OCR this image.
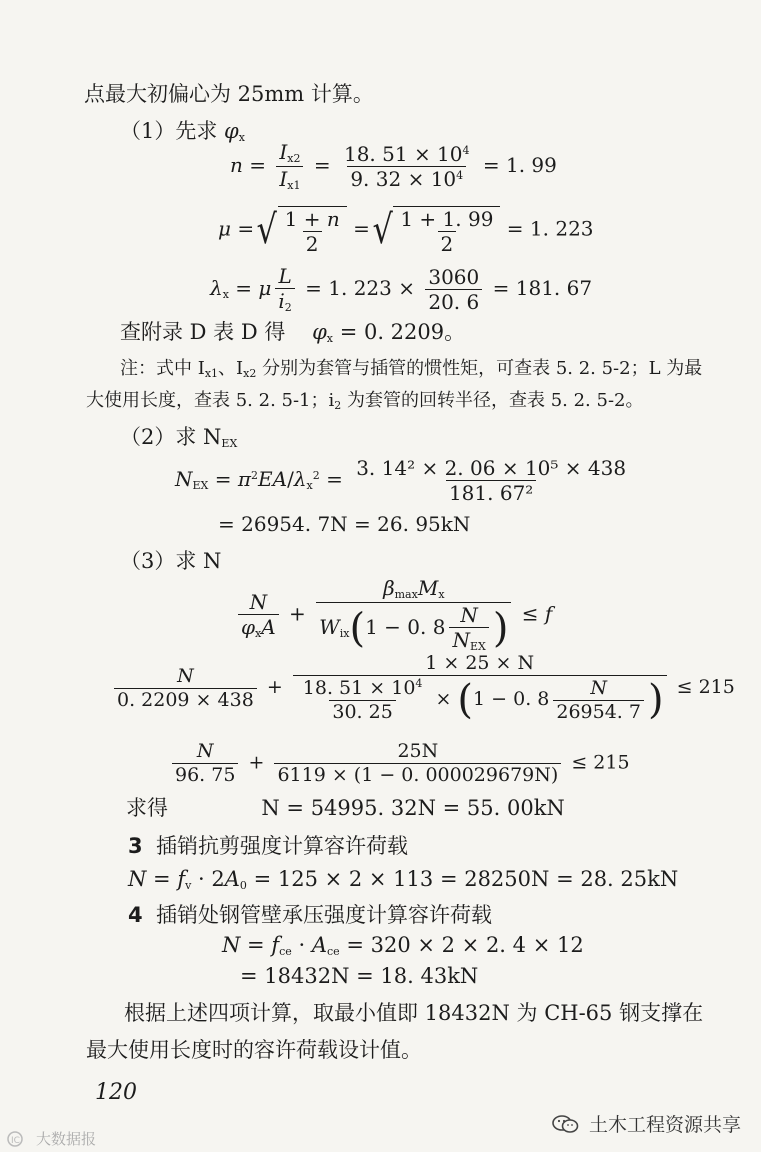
点最大初偏心为 25mm 计算。
（1）先求 $\varphi_x$
$n = \frac{I_{x2}}{I_{x1}} = \frac{18. 51 \times 10^4}{9. 32 \times 10^4} = 1$. 99
μ = √ $\frac{1 + n}{2}$ = √ $\frac{1 + 1. 99}{2} = 1$. 223
$\lambda_x = \mu \frac{L}{i_2} = 1$. $223 \times \frac{3060}{20. 6} = 181$. 67
查附录 D 表 D 得 $\varphi_x = 0$. 2209。
注：式中 $I_{x1}$、$I_{x2}$ 分别为套管与插管的惯性矩，可查表 5. 2. 5-2；L 为最
大使用长度，查表 5. 2. 5-1；$i_2$ 为套管的回转半径，查表 5. 2. 5-2。
（2）求 $N_{EX}$
$N_{EX} = \pi^2EA/\lambda_x^2 = \frac{\text{3. 14² × 2. 06 × 10⁵ × 438}}{\text{181. 67²}}$
= 26954. 7N = 26. 95kN
（3）求 N
$\frac{N}{\varphi_xA} + \frac{\beta_{max}M_x}{W_{ix}(1 - 0. 8 \frac{N}{N_{EX}} )} \le f$
$\frac{N}{0. 2209 \times 438} + \frac{1 \times 25 \times N}{\frac{18. 51 \times 10^4}{30. 25} \times (1 - 0. 8 \frac{N}{26954. 7} )} \le 215$
$\frac{N}{96. 75} + \frac{25N}{6119 \times (1 - 0. 000029679N)} \le 215$
求得	N = 54995. 32N = 55. 00kN
3 插销抗剪强度计算容许荷载
$N = f_v \cdot 2A_0 = 125 \times 2 \times 113 = 28250N = 28$. 25kN
4 插销处钢管壁承压强度计算容许荷载
$N = f_{ce} \cdot A_{ce} = 320 \times 2 \times 2$. 4 × 12
= 18432N = 18. 43kN
根据上述四项计算，取最小值即 18432N 为 CH-65 钢支撑在
最大使用长度时的容许荷载设计值。
120
土木工程资源共享
IC 大数据报
